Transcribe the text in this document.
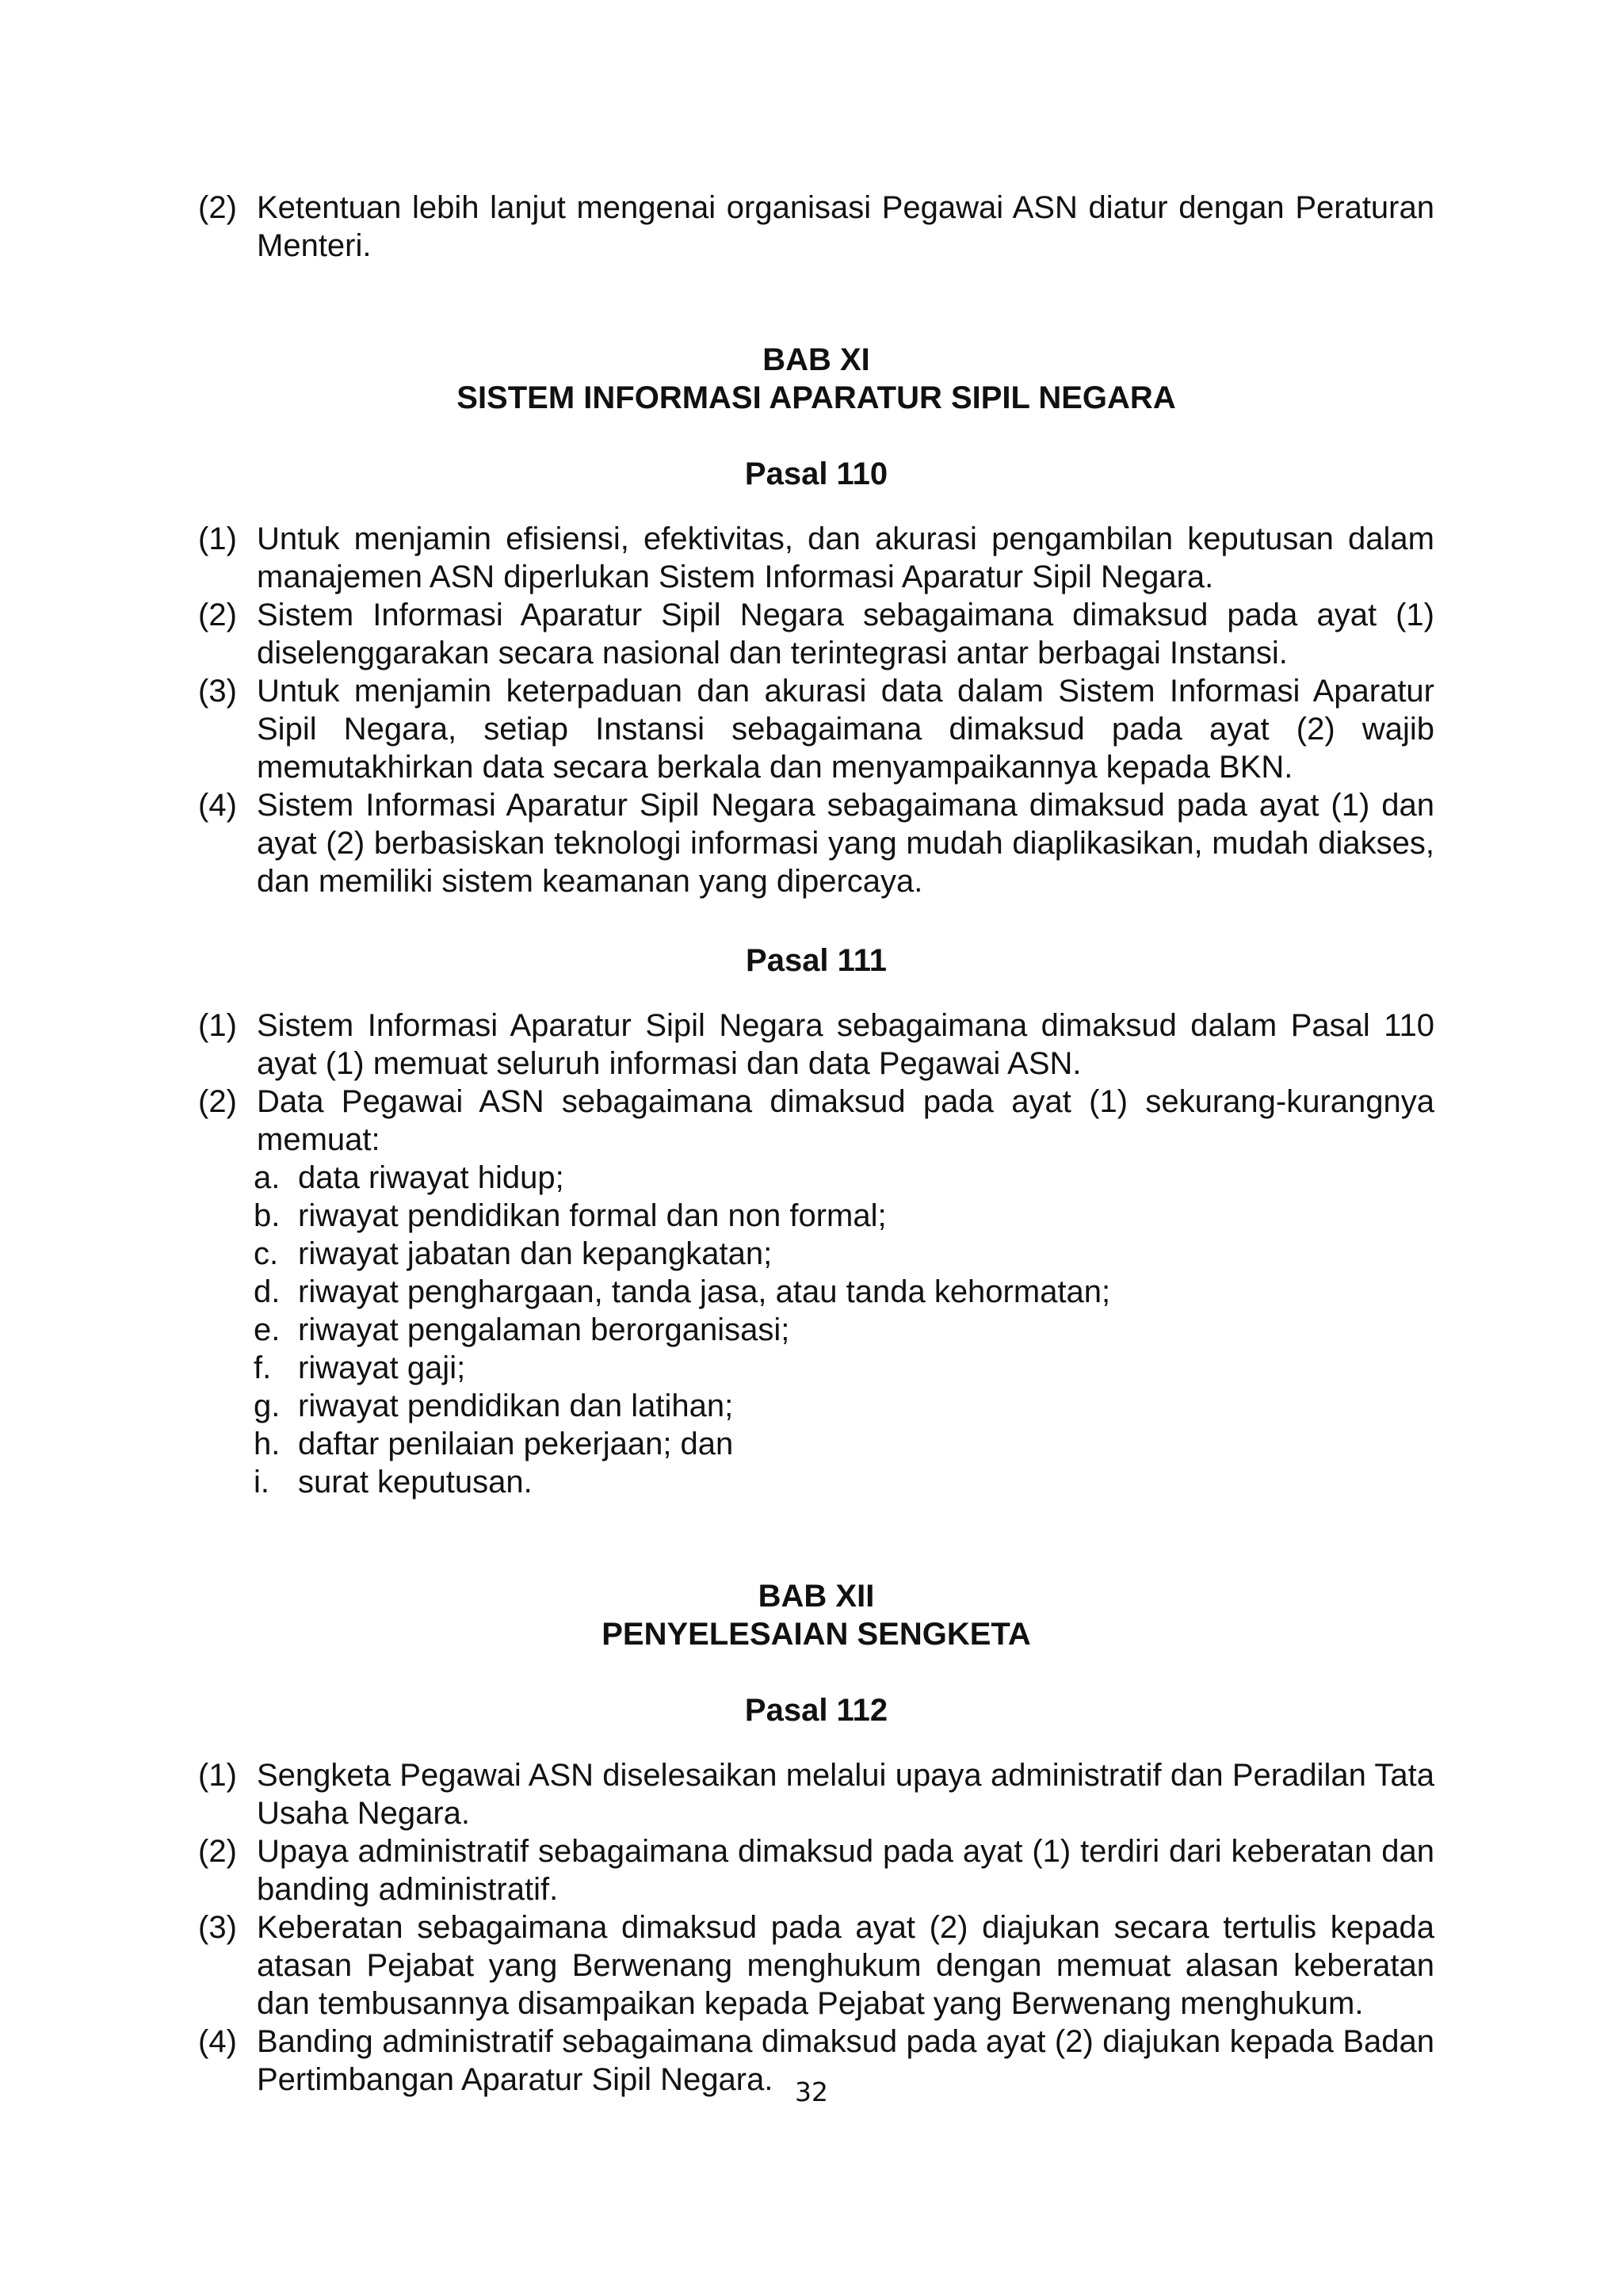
(2) Ketentuan lebih lanjut mengenai organisasi Pegawai ASN diatur dengan Peraturan Menteri.

BAB XI

SISTEM INFORMASI APARATUR SIPIL NEGARA

Pasal 110

(1) Untuk menjamin efisiensi, efektivitas, dan akurasi pengambilan keputusan dalam manajemen ASN diperlukan Sistem Informasi Aparatur Sipil Negara.
(2) Sistem Informasi Aparatur Sipil Negara sebagaimana dimaksud pada ayat (1) diselenggarakan secara nasional dan terintegrasi antar berbagai Instansi.
(3) Untuk menjamin keterpaduan dan akurasi data dalam Sistem Informasi Aparatur Sipil Negara, setiap Instansi sebagaimana dimaksud pada ayat (2) wajib memutakhirkan data secara berkala dan menyampaikannya kepada BKN.
(4) Sistem Informasi Aparatur Sipil Negara sebagaimana dimaksud pada ayat (1) dan ayat (2) berbasiskan teknologi informasi yang mudah diaplikasikan, mudah diakses, dan memiliki sistem keamanan yang dipercaya.

Pasal 111

(1) Sistem Informasi Aparatur Sipil Negara sebagaimana dimaksud dalam Pasal 110 ayat (1) memuat seluruh informasi dan data Pegawai ASN.
(2) Data Pegawai ASN sebagaimana dimaksud pada ayat (1) sekurang-kurangnya memuat:
a. data riwayat hidup;
b. riwayat pendidikan formal dan non formal;
c. riwayat jabatan dan kepangkatan;
d. riwayat penghargaan, tanda jasa, atau tanda kehormatan;
e. riwayat pengalaman berorganisasi;
f. riwayat gaji;
g. riwayat pendidikan dan latihan;
h. daftar penilaian pekerjaan; dan
i. surat keputusan.

BAB XII

PENYELESAIAN SENGKETA

Pasal 112

(1) Sengketa Pegawai ASN diselesaikan melalui upaya administratif dan Peradilan Tata Usaha Negara.
(2) Upaya administratif sebagaimana dimaksud pada ayat (1) terdiri dari keberatan dan banding administratif.
(3) Keberatan sebagaimana dimaksud pada ayat (2) diajukan secara tertulis kepada atasan Pejabat yang Berwenang menghukum dengan memuat alasan keberatan dan tembusannya disampaikan kepada Pejabat yang Berwenang menghukum.
(4) Banding administratif sebagaimana dimaksud pada ayat (2) diajukan kepada Badan Pertimbangan Aparatur Sipil Negara. 32
